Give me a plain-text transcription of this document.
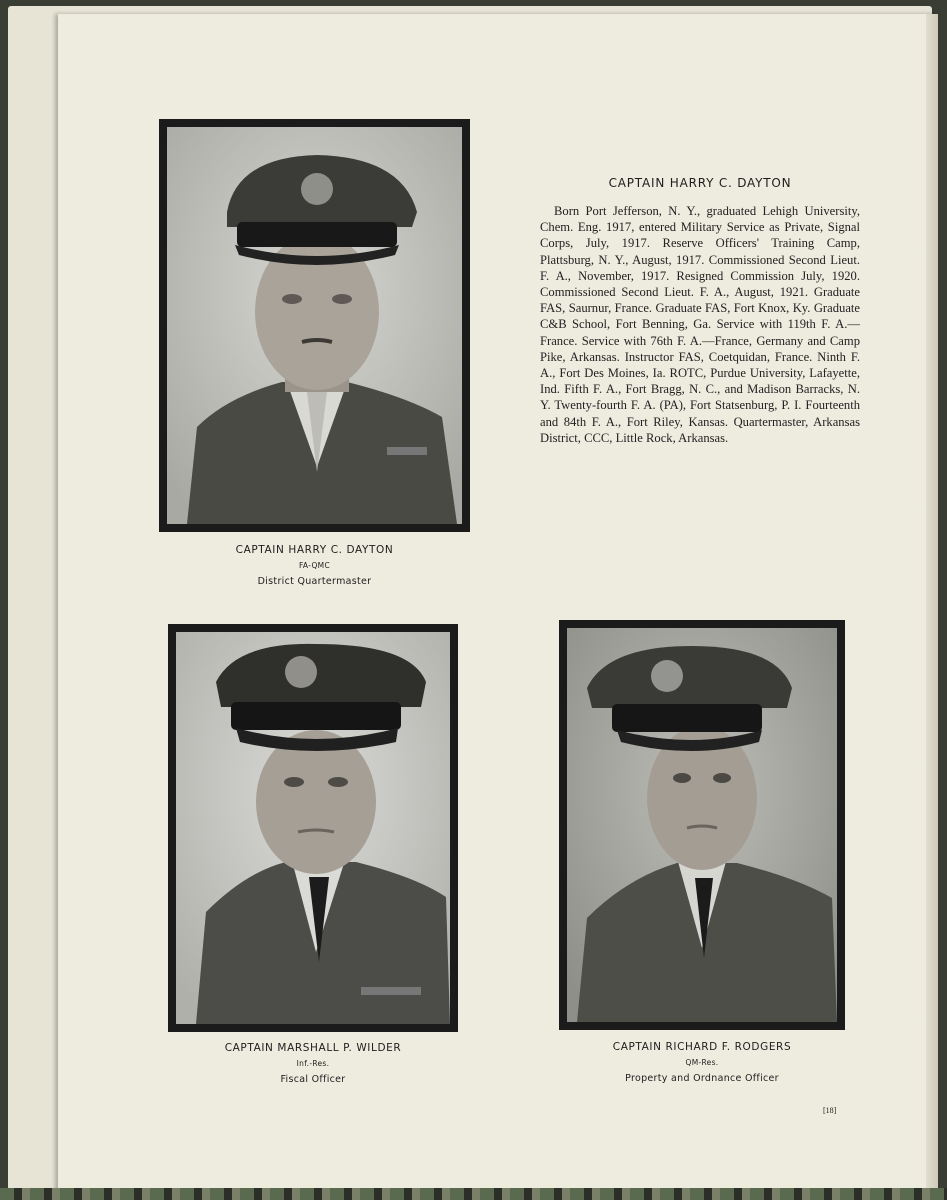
CAPTAIN HARRY C. DAYTON
FA-QMC
District Quartermaster
CAPTAIN HARRY C. DAYTON

Born Port Jefferson, N. Y., graduated Lehigh University, Chem. Eng. 1917, entered Military Service as Private, Signal Corps, July, 1917. Reserve Officers' Training Camp, Plattsburg, N. Y., August, 1917. Commissioned Second Lieut. F. A., November, 1917. Resigned Commission July, 1920. Commissioned Second Lieut. F. A., August, 1921. Graduate FAS, Saurnur, France. Graduate FAS, Fort Knox, Ky. Graduate C&B School, Fort Benning, Ga. Service with 119th F. A.—France. Service with 76th F. A.—France, Germany and Camp Pike, Arkansas. Instructor FAS, Coetquidan, France. Ninth F. A., Fort Des Moines, Ia. ROTC, Purdue University, Lafayette, Ind. Fifth F. A., Fort Bragg, N. C., and Madison Barracks, N. Y. Twenty-fourth F. A. (PA), Fort Statsenburg, P. I. Fourteenth and 84th F. A., Fort Riley, Kansas. Quartermaster, Arkansas District, CCC, Little Rock, Arkansas.

CAPTAIN MARSHALL P. WILDER
Inf.-Res.
Fiscal Officer
CAPTAIN RICHARD F. RODGERS
QM-Res.
Property and Ordnance Officer
[18]
